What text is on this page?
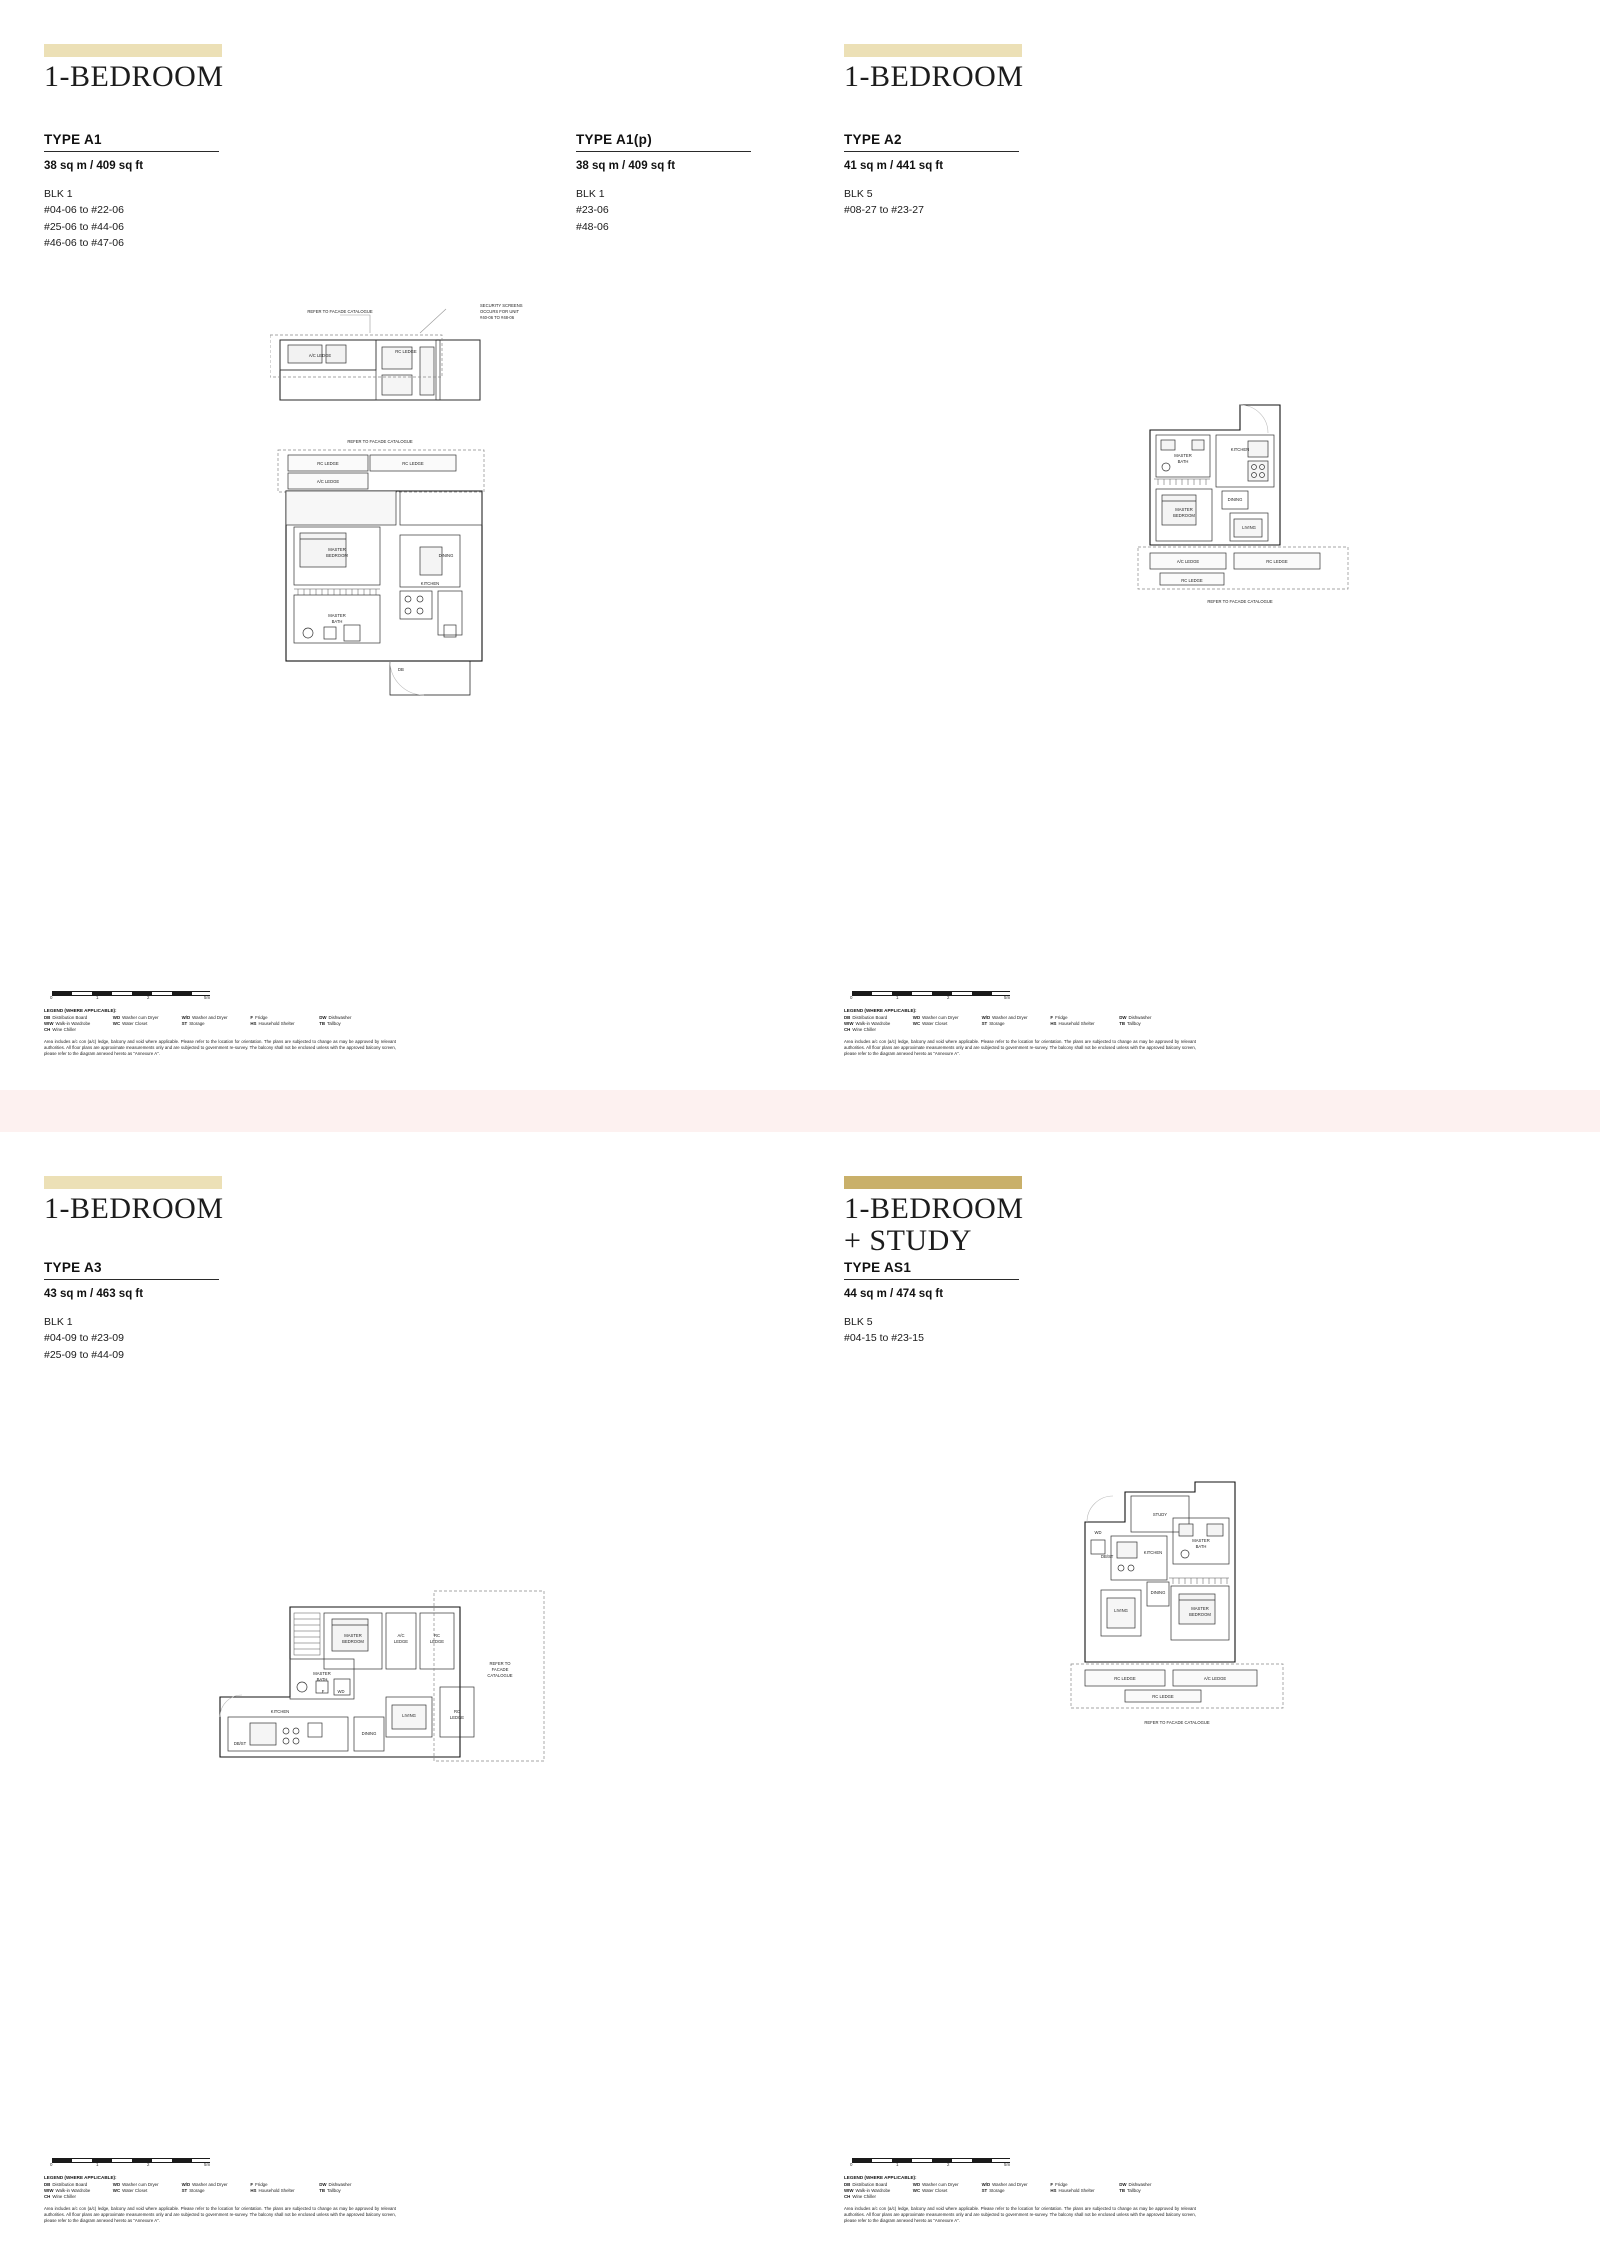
1-BEDROOM
TYPE A1
38 sq m / 409 sq ft
BLK 1
#04-06 to #22-06
#25-06 to #44-06
#46-06 to #47-06
TYPE A1(p)
38 sq m / 409 sq ft
BLK 1
#23-06
#48-06
REFER TO FACADE CATALOGUE
SECURITY SCREENS
OCCURS FOR UNIT
#40-06 TO #48-06
A/C LEDGE
RC LEDGE
REFER TO FACADE CATALOGUE
RC LEDGE	RC LEDGE
A/C LEDGE
MASTER
BEDROOM	DINING
MASTER
BATH
KITCHEN
DB
0	1	2	5m
LEGEND (WHERE APPLICABLE):
DB Distribution Board	WD Washer cum Dryer	W/D Washer and Dryer	F Fridge	DW Dishwasher
WIW Walk-in Wardrobe	WC Water Closet	ST Storage	HS Household Shelter	TB Tallboy
CH Wine Chiller
Area includes a/c con (a/c) ledge, balcony and void where applicable. Please refer to the location for orientation. The plans are subjected to change as may be approved by relevant authorities. All floor plans are approximate measurements only and are subjected to government re-survey. The balcony shall not be enclosed unless with the approved balcony screen, please refer to the diagram annexed hereto as "Annexure A".
1-BEDROOM
TYPE A2
41 sq m / 441 sq ft
BLK 5
#08-27 to #23-27
MASTER
BATH
KITCHEN
MASTER
BEDROOM
DINING
LIVING
A/C LEDGE	RC LEDGE
RC LEDGE
REFER TO FACADE CATALOGUE
0	1	2	5m
LEGEND (WHERE APPLICABLE):
DB Distribution Board	WD Washer cum Dryer	W/D Washer and Dryer	F Fridge	DW Dishwasher
WIW Walk-in Wardrobe	WC Water Closet	ST Storage	HS Household Shelter	TB Tallboy
CH Wine Chiller
Area includes a/c con (a/c) ledge, balcony and void where applicable. Please refer to the location for orientation. The plans are subjected to change as may be approved by relevant authorities. All floor plans are approximate measurements only and are subjected to government re-survey. The balcony shall not be enclosed unless with the approved balcony screen, please refer to the diagram annexed hereto as "Annexure A".
1-BEDROOM
TYPE A3
43 sq m / 463 sq ft
BLK 1
#04-09 to #23-09
#25-09 to #44-09
MASTER
BEDROOM
A/C
LEDGE
RC
LEDGE
MASTER
BATH
LIVING
RC
LEDGE
REFER TO
FACADE
CATALOGUE
KITCHEN
DINING
DB/ST
WD
F
0	1	2	5m
LEGEND (WHERE APPLICABLE):
DB Distribution Board	WD Washer cum Dryer	W/D Washer and Dryer	F Fridge	DW Dishwasher
WIW Walk-in Wardrobe	WC Water Closet	ST Storage	HS Household Shelter	TB Tallboy
CH Wine Chiller
Area includes a/c con (a/c) ledge, balcony and void where applicable. Please refer to the location for orientation. The plans are subjected to change as may be approved by relevant authorities. All floor plans are approximate measurements only and are subjected to government re-survey. The balcony shall not be enclosed unless with the approved balcony screen, please refer to the diagram annexed hereto as "Annexure A".
1-BEDROOM
+ STUDY
TYPE AS1
44 sq m / 474 sq ft
BLK 5
#04-15 to #23-15
STUDY
WD
MASTER
BATH
DB/ST
KITCHEN
DINING
LIVING	MASTER
BEDROOM
RC LEDGE	A/C LEDGE
RC LEDGE
REFER TO FACADE CATALOGUE
0	1	2	5m
LEGEND (WHERE APPLICABLE):
DB Distribution Board	WD Washer cum Dryer	W/D Washer and Dryer	F Fridge	DW Dishwasher
WIW Walk-in Wardrobe	WC Water Closet	ST Storage	HS Household Shelter	TB Tallboy
CH Wine Chiller
Area includes a/c con (a/c) ledge, balcony and void where applicable. Please refer to the location for orientation. The plans are subjected to change as may be approved by relevant authorities. All floor plans are approximate measurements only and are subjected to government re-survey. The balcony shall not be enclosed unless with the approved balcony screen, please refer to the diagram annexed hereto as "Annexure A".
